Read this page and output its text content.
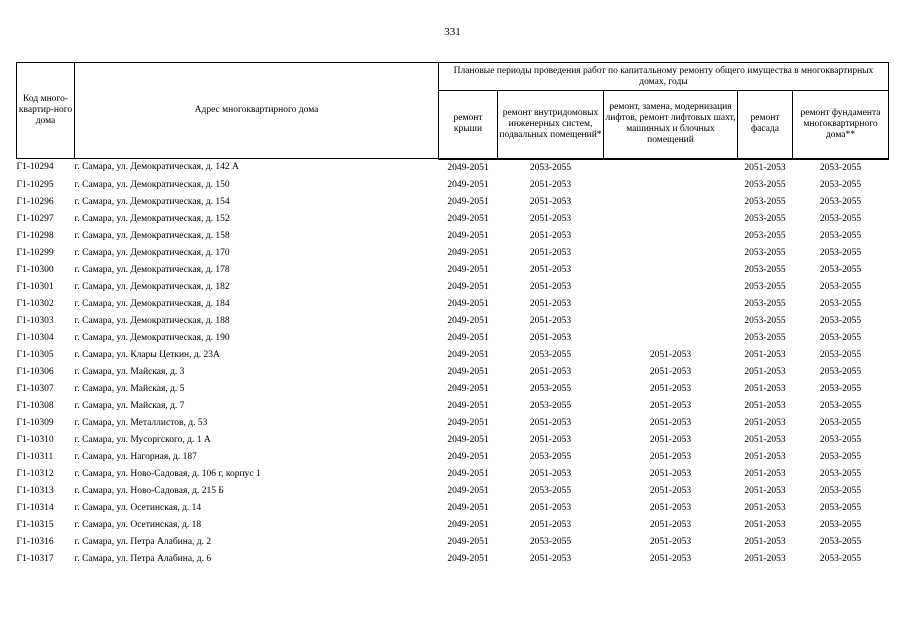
331
Код много-квартир-ного дома	Адрес многоквартирного дома	Плановые периоды проведения работ по капитальному ремонту общего имущества в многоквартирных домах, годы				
		ремонт крыши	ремонт внутридомовых инженерных систем, подвальных помещений*	ремонт, замена, модернизация лифтов, ремонт лифтовых шахт, машинных и блочных помещений	ремонт фасада	ремонт фундамента многоквартирного дома**
Г1-10294	г. Самара, ул. Демократическая, д. 142 А	2049-2051	2053-2055		2051-2053	2053-2055
Г1-10295	г. Самара, ул. Демократическая, д. 150	2049-2051	2051-2053		2053-2055	2053-2055
Г1-10296	г. Самара, ул. Демократическая, д. 154	2049-2051	2051-2053		2053-2055	2053-2055
Г1-10297	г. Самара, ул. Демократическая, д. 152	2049-2051	2051-2053		2053-2055	2053-2055
Г1-10298	г. Самара, ул. Демократическая, д. 158	2049-2051	2051-2053		2053-2055	2053-2055
Г1-10299	г. Самара, ул. Демократическая, д. 170	2049-2051	2051-2053		2053-2055	2053-2055
Г1-10300	г. Самара, ул. Демократическая, д. 178	2049-2051	2051-2053		2053-2055	2053-2055
Г1-10301	г. Самара, ул. Демократическая, д. 182	2049-2051	2051-2053		2053-2055	2053-2055
Г1-10302	г. Самара, ул. Демократическая, д. 184	2049-2051	2051-2053		2053-2055	2053-2055
Г1-10303	г. Самара, ул. Демократическая, д. 188	2049-2051	2051-2053		2053-2055	2053-2055
Г1-10304	г. Самара, ул. Демократическая, д. 190	2049-2051	2051-2053		2053-2055	2053-2055
Г1-10305	г. Самара, ул. Клары Цеткин, д. 23А	2049-2051	2053-2055	2051-2053	2051-2053	2053-2055
Г1-10306	г. Самара, ул. Майская, д. 3	2049-2051	2051-2053	2051-2053	2051-2053	2053-2055
Г1-10307	г. Самара, ул. Майская, д. 5	2049-2051	2053-2055	2051-2053	2051-2053	2053-2055
Г1-10308	г. Самара, ул. Майская, д. 7	2049-2051	2053-2055	2051-2053	2051-2053	2053-2055
Г1-10309	г. Самара, ул. Металлистов, д. 53	2049-2051	2051-2053	2051-2053	2051-2053	2053-2055
Г1-10310	г. Самара, ул. Мусоргского, д. 1 А	2049-2051	2051-2053	2051-2053	2051-2053	2053-2055
Г1-10311	г. Самара, ул. Нагорная, д. 187	2049-2051	2053-2055	2051-2053	2051-2053	2053-2055
Г1-10312	г. Самара, ул. Ново-Садовая, д. 106 г, корпус 1	2049-2051	2051-2053	2051-2053	2051-2053	2053-2055
Г1-10313	г. Самара, ул. Ново-Садовая, д. 215 Б	2049-2051	2053-2055	2051-2053	2051-2053	2053-2055
Г1-10314	г. Самара, ул. Осетинская, д. 14	2049-2051	2051-2053	2051-2053	2051-2053	2053-2055
Г1-10315	г. Самара, ул. Осетинская, д. 18	2049-2051	2051-2053	2051-2053	2051-2053	2053-2055
Г1-10316	г. Самара, ул. Петра Алабина, д. 2	2049-2051	2053-2055	2051-2053	2051-2053	2053-2055
Г1-10317	г. Самара, ул. Петра Алабина, д. 6	2049-2051	2051-2053	2051-2053	2051-2053	2053-2055
